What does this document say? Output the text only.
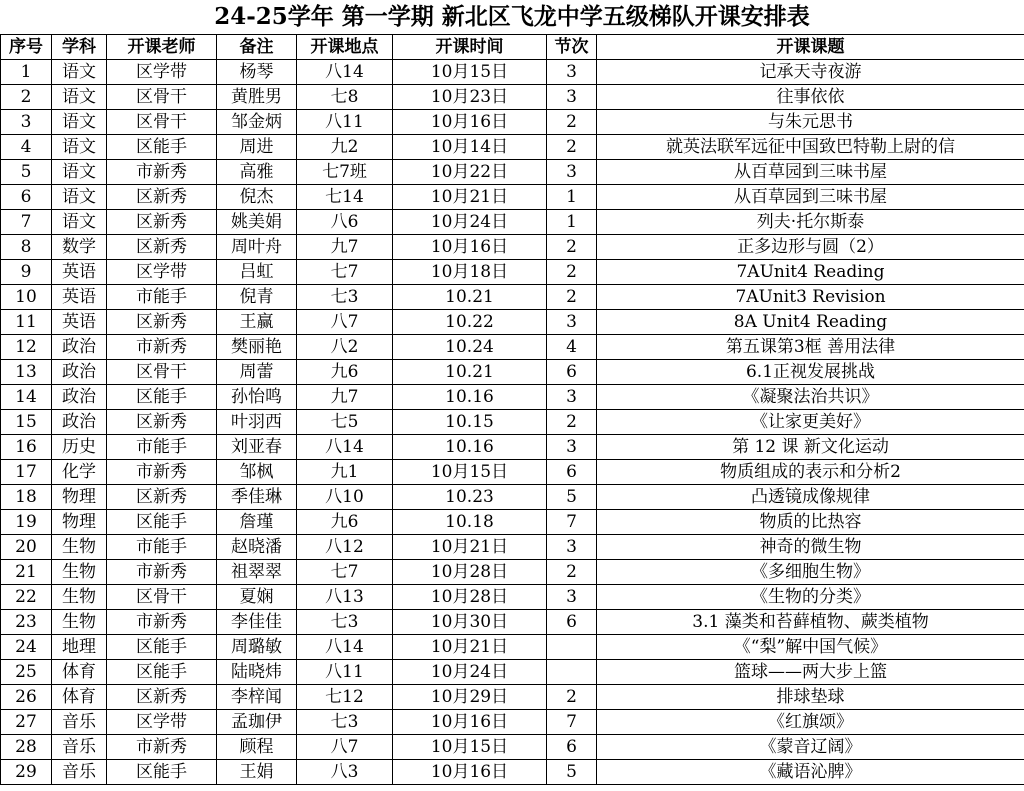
24-25学年 第一学期 新北区飞龙中学五级梯队开课安排表
序号	学科	开课老师	备注	开课地点	开课时间	节次	开课课题
1	语文	区学带	杨琴	八14	10月15日	3	记承天寺夜游
2	语文	区骨干	黄胜男	七8	10月23日	3	往事依依
3	语文	区骨干	邹金炳	八11	10月16日	2	与朱元思书
4	语文	区能手	周进	九2	10月14日	2	就英法联军远征中国致巴特勒上尉的信
5	语文	市新秀	高雅	七7班	10月22日	3	从百草园到三味书屋
6	语文	区新秀	倪杰	七14	10月21日	1	从百草园到三味书屋
7	语文	区新秀	姚美娟	八6	10月24日	1	列夫·托尔斯泰
8	数学	区新秀	周叶舟	九7	10月16日	2	正多边形与圆（2）
9	英语	区学带	吕虹	七7	10月18日	2	7AUnit4 Reading
10	英语	市能手	倪青	七3	10.21	2	7AUnit3 Revision
11	英语	区新秀	王赢	八7	10.22	3	8A Unit4 Reading
12	政治	市新秀	樊丽艳	八2	10.24	4	第五课第3框 善用法律
13	政治	区骨干	周蕾	九6	10.21	6	6.1正视发展挑战
14	政治	区能手	孙怡鸣	九7	10.16	3	《凝聚法治共识》
15	政治	区新秀	叶羽西	七5	10.15	2	《让家更美好》
16	历史	市能手	刘亚春	八14	10.16	3	第 12 课 新文化运动
17	化学	市新秀	邹枫	九1	10月15日	6	物质组成的表示和分析2
18	物理	区新秀	季佳琳	八10	10.23	5	凸透镜成像规律
19	物理	区能手	詹瑾	九6	10.18	7	物质的比热容
20	生物	市能手	赵晓潘	八12	10月21日	3	神奇的微生物
21	生物	市新秀	祖翠翠	七7	10月28日	2	《多细胞生物》
22	生物	区骨干	夏娴	八13	10月28日	3	《生物的分类》
23	生物	市新秀	李佳佳	七3	10月30日	6	3.1 藻类和苔藓植物、蕨类植物
24	地理	区能手	周璐敏	八14	10月21日		《“梨”解中国气候》
25	体育	区能手	陆晓炜	八11	10月24日		篮球——两大步上篮
26	体育	区新秀	李梓闻	七12	10月29日	2	排球垫球
27	音乐	区学带	孟珈伊	七3	10月16日	7	《红旗颂》
28	音乐	市新秀	顾程	八7	10月15日	6	《蒙音辽阔》
29	音乐	区能手	王娟	八3	10月16日	5	《藏语沁脾》
